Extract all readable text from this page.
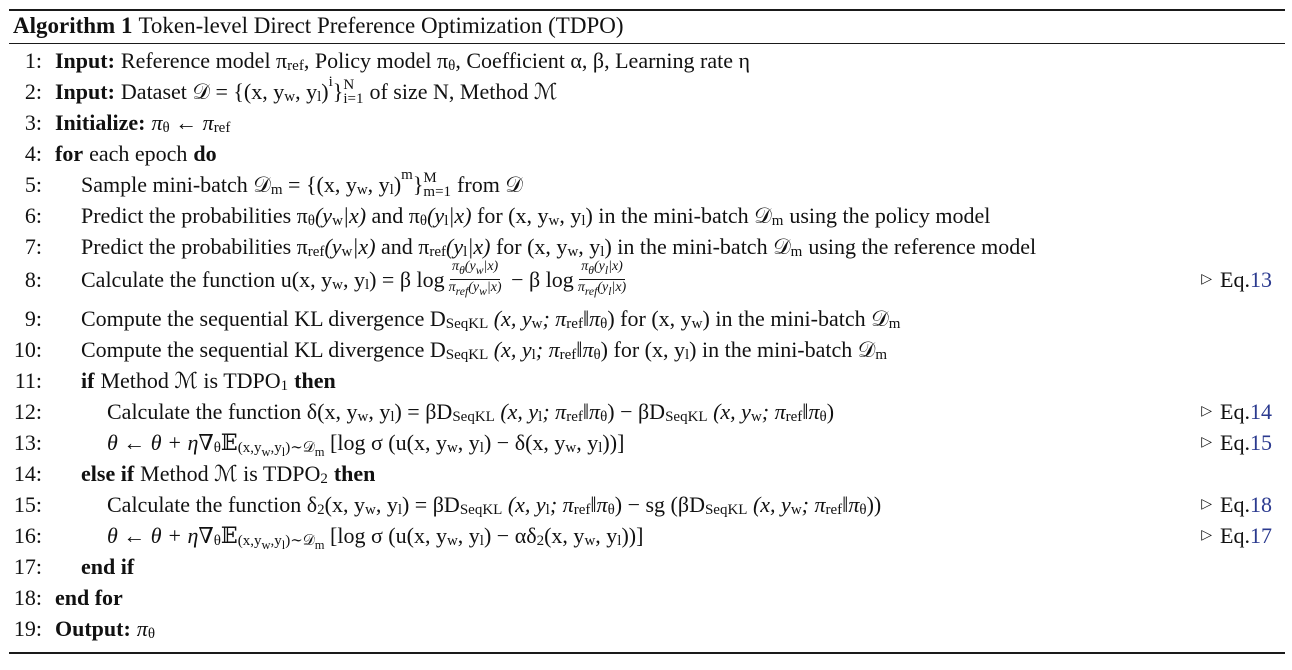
Algorithm 1 Token-level Direct Preference Optimization (TDPO)
1: Input: Reference model π ref , Policy model π θ , Coefficient α, β, Learning rate η
2: Input: Dataset 𝒟 = {(x, y w , y l ) i } N
i=1 of size N, Method ℳ
3: Initialize: π θ ← π ref
4: for each epoch do
5: Sample mini-batch 𝒟 m
= {(x, y w , y l ) m } M
m=1 from 𝒟
6: Predict the probabilities π θ (y w |x) and π θ (y l |x) for (x, y w , y l ) in the mini-batch 𝒟 m using the policy model
7: Predict the probabilities π ref (y w |x) and π ref (y l |x) for (x, y w , y l ) in the mini-batch 𝒟 m using the reference model
8: Calculate the function u(x, y w , y l ) = β $\log \frac{\pi_\theta(y_w|x)}{\pi_{ref}(y_w|x)} - \beta$ $\log \frac{\pi_\theta(y_l|x)}{\pi_{ref}(y_l|x)}$	▷ Eq.13
9: Compute the sequential KL divergence D SeqKL (x, y w ; π ref ‖π θ ) for (x, y w ) in the mini-batch 𝒟 m
10: Compute the sequential KL divergence D SeqKL (x, y l ; π ref ‖π θ ) for (x, y l ) in the mini-batch 𝒟 m
11: if Method ℳ is TDPO 1 then
12:	Calculate the function δ(x, y w , y l ) = βD SeqKL (x, y l ; π ref ‖π θ ) − βD SeqKL (x, y w ; π ref ‖π θ )	▷ Eq.14
13:	θ ← θ + η∇ θ 𝔼 $(x,y_w,y_l)\sim 𝒟_m$ [log σ (u(x, y w , y l ) − δ(x, y w , y l ))]	▷ Eq.15
14: else if Method ℳ is TDPO 2 then
15:	Calculate the function δ 2 (x, y w , y l ) = βD SeqKL (x, y l ; π ref ‖π θ ) − sg (βD SeqKL (x, y w ; π ref ‖π θ ))	▷ Eq.18
16:	θ ← θ + η∇ θ 𝔼 $(x,y_w,y_l)\sim 𝒟_m$ [log σ (u(x, y w , y l ) − αδ 2 (x, y w , y l ))]	▷ Eq.17
17: end if
18: end for
19: Output: π θ
